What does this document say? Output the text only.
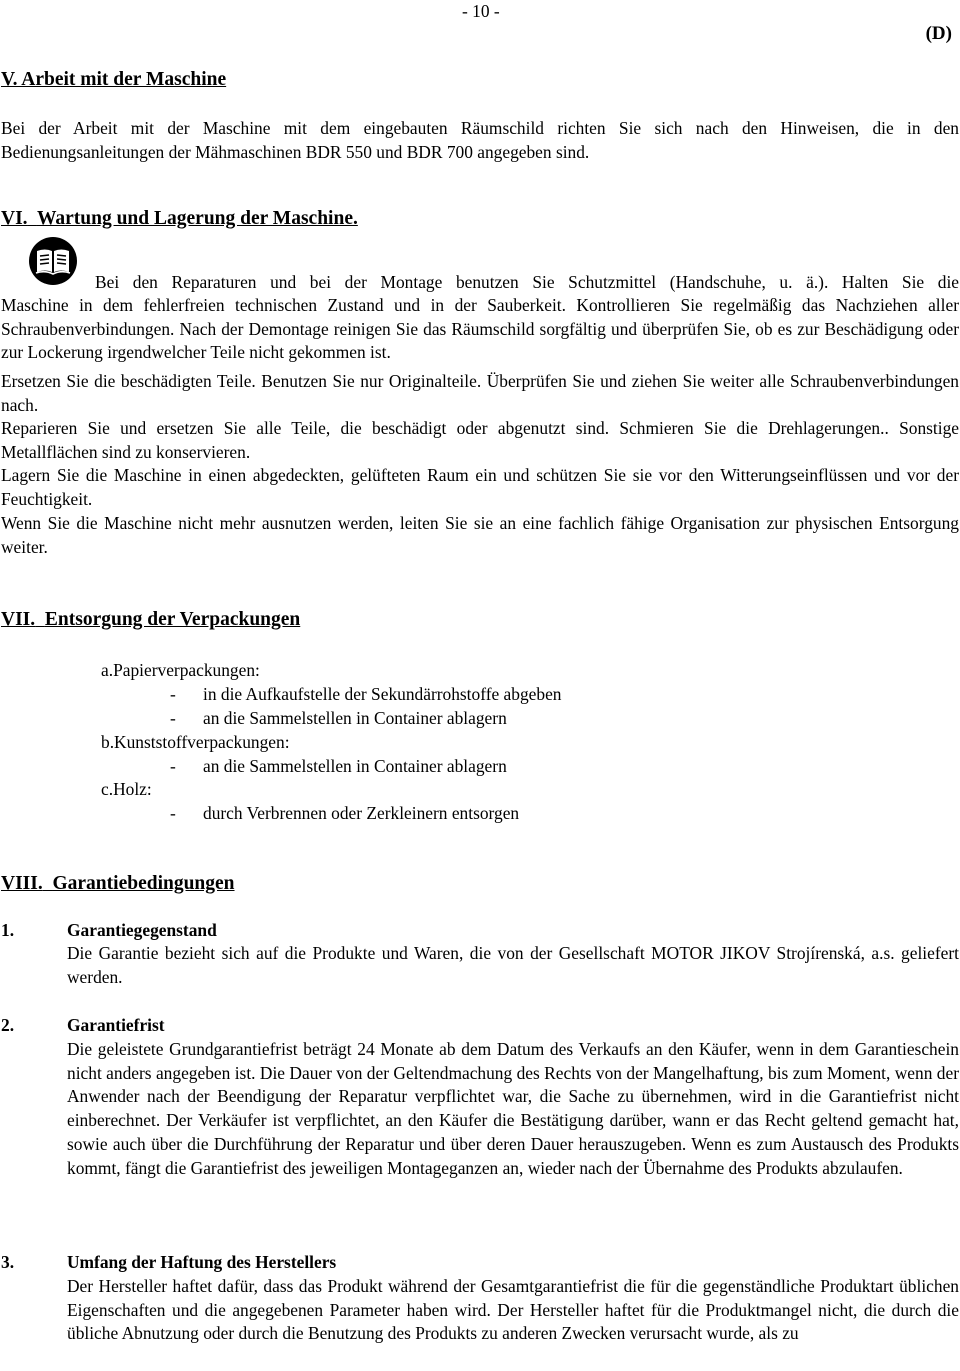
- 10 -
(D)
V. Arbeit mit der Maschine

Bei der Arbeit mit der Maschine mit dem eingebauten Räumschild richten Sie sich nach den Hinweisen, die in den Bedienungsanleitungen der Mähmaschinen BDR 550 und BDR 700 angegeben sind.

VI. Wartung und Lagerung der Maschine.

Bei den Reparaturen und bei der Montage benutzen Sie Schutzmittel (Handschuhe, u. ä.). Halten Sie die

Maschine in dem fehlerfreien technischen Zustand und in der Sauberkeit. Kontrollieren Sie regelmäßig das Nachziehen aller Schraubenverbindungen. Nach der Demontage reinigen Sie das Räumschild sorgfältig und überprüfen Sie, ob es zur Beschädigung oder zur Lockerung irgendwelcher Teile nicht gekommen ist.

Ersetzen Sie die beschädigten Teile. Benutzen Sie nur Originalteile. Überprüfen Sie und ziehen Sie weiter alle Schraubenverbindungen nach.

Reparieren Sie und ersetzen Sie alle Teile, die beschädigt oder abgenutzt sind. Schmieren Sie die Drehlagerungen.. Sonstige Metallflächen sind zu konservieren.

Lagern Sie die Maschine in einen abgedeckten, gelüfteten Raum ein und schützen Sie sie vor den Witterungseinflüssen und vor der Feuchtigkeit.

Wenn Sie die Maschine nicht mehr ausnutzen werden, leiten Sie sie an eine fachlich fähige Organisation zur physischen Entsorgung weiter.

VII. Entsorgung der Verpackungen
a.Papierverpackungen:
- in die Aufkaufstelle der Sekundärrohstoffe abgeben
- an die Sammelstellen in Container ablagern
b.Kunststoffverpackungen:
- an die Sammelstellen in Container ablagern
c.Holz:
- durch Verbrennen oder Zerkleinern entsorgen
VIII. Garantiebedingungen
1.	Garantiegegenstand

Die Garantie bezieht sich auf die Produkte und Waren, die von der Gesellschaft MOTOR JIKOV Strojírenská, a.s. geliefert werden.

2.	Garantiefrist

Die geleistete Grundgarantiefrist beträgt 24 Monate ab dem Datum des Verkaufs an den Käufer, wenn in dem Garantieschein nicht anders angegeben ist. Die Dauer von der Geltendmachung des Rechts von der Mangelhaftung, bis zum Moment, wenn der Anwender nach der Beendigung der Reparatur verpflichtet war, die Sache zu übernehmen, wird in die Garantiefrist nicht einberechnet. Der Verkäufer ist verpflichtet, an den Käufer die Bestätigung darüber, wann er das Recht geltend gemacht hat, sowie auch über die Durchführung der Reparatur und über deren Dauer herauszugeben. Wenn es zum Austausch des Produkts kommt, fängt die Garantiefrist des jeweiligen Montageganzen an, wieder nach der Übernahme des Produkts abzulaufen.

3.	Umfang der Haftung des Herstellers

Der Hersteller haftet dafür, dass das Produkt während der Gesamtgarantiefrist die für die gegenständliche Produktart üblichen Eigenschaften und die angegebenen Parameter haben wird. Der Hersteller haftet für die Produktmangel nicht, die durch die übliche Abnutzung oder durch die Benutzung des Produkts zu anderen Zwecken verursacht wurde, als zu
